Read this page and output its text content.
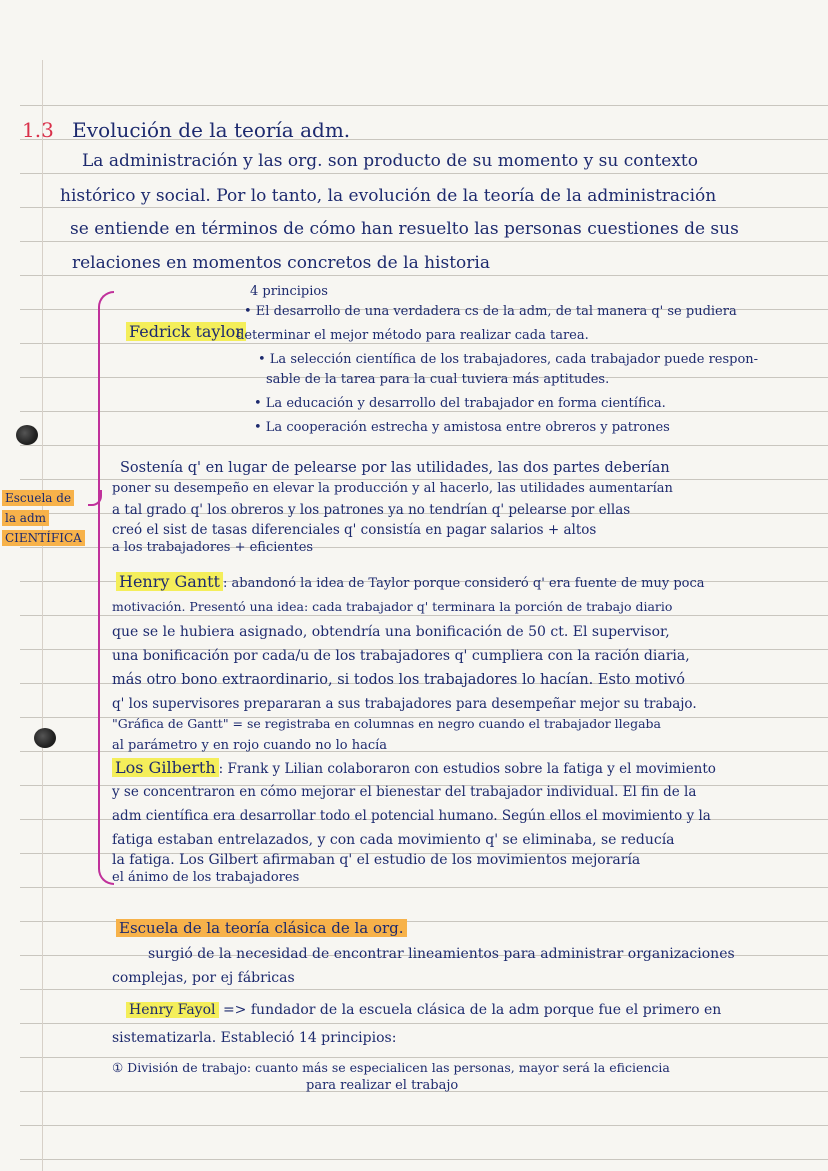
1.3 Evolución de la teoría adm.
La administración y las org. son producto de su momento y su contexto
histórico y social. Por lo tanto, la evolución de la teoría de la administración
se entiende en términos de cómo han resuelto las personas cuestiones de sus
relaciones en momentos concretos de la historia
Escuela de
la adm
CIENTÍFICA
4 principios
Fedrick taylor
• El desarrollo de una verdadera cs de la adm, de tal manera q' se pudiera
determinar el mejor método para realizar cada tarea.
• La selección científica de los trabajadores, cada trabajador puede respon-
sable de la tarea para la cual tuviera más aptitudes.
• La educación y desarrollo del trabajador en forma científica.
• La cooperación estrecha y amistosa entre obreros y patrones
Sostenía q' en lugar de pelearse por las utilidades, las dos partes deberían
poner su desempeño en elevar la producción y al hacerlo, las utilidades aumentarían
a tal grado q' los obreros y los patrones ya no tendrían q' pelearse por ellas
creó el sist de tasas diferenciales q' consistía en pagar salarios + altos
a los trabajadores + eficientes
Henry Gantt : abandonó la idea de Taylor porque consideró q' era fuente de muy poca
motivación. Presentó una idea: cada trabajador q' terminara la porción de trabajo diario
que se le hubiera asignado, obtendría una bonificación de 50 ct. El supervisor,
una bonificación por cada/u de los trabajadores q' cumpliera con la ración diaria,
más otro bono extraordinario, si todos los trabajadores lo hacían. Esto motivó
q' los supervisores prepararan a sus trabajadores para desempeñar mejor su trabajo.
"Gráfica de Gantt" = se registraba en columnas en negro cuando el trabajador llegaba
al parámetro y en rojo cuando no lo hacía
Los Gilberth : Frank y Lilian colaboraron con estudios sobre la fatiga y el movimiento
y se concentraron en cómo mejorar el bienestar del trabajador individual. El fin de la
adm científica era desarrollar todo el potencial humano. Según ellos el movimiento y la
fatiga estaban entrelazados, y con cada movimiento q' se eliminaba, se reducía
la fatiga. Los Gilbert afirmaban q' el estudio de los movimientos mejoraría
el ánimo de los trabajadores
Escuela de la teoría clásica de la org.
surgió de la necesidad de encontrar lineamientos para administrar organizaciones
complejas, por ej fábricas
Henry Fayol => fundador de la escuela clásica de la adm porque fue el primero en
sistematizarla. Estableció 14 principios:
① División de trabajo: cuanto más se especialicen las personas, mayor será la eficiencia
para realizar el trabajo
